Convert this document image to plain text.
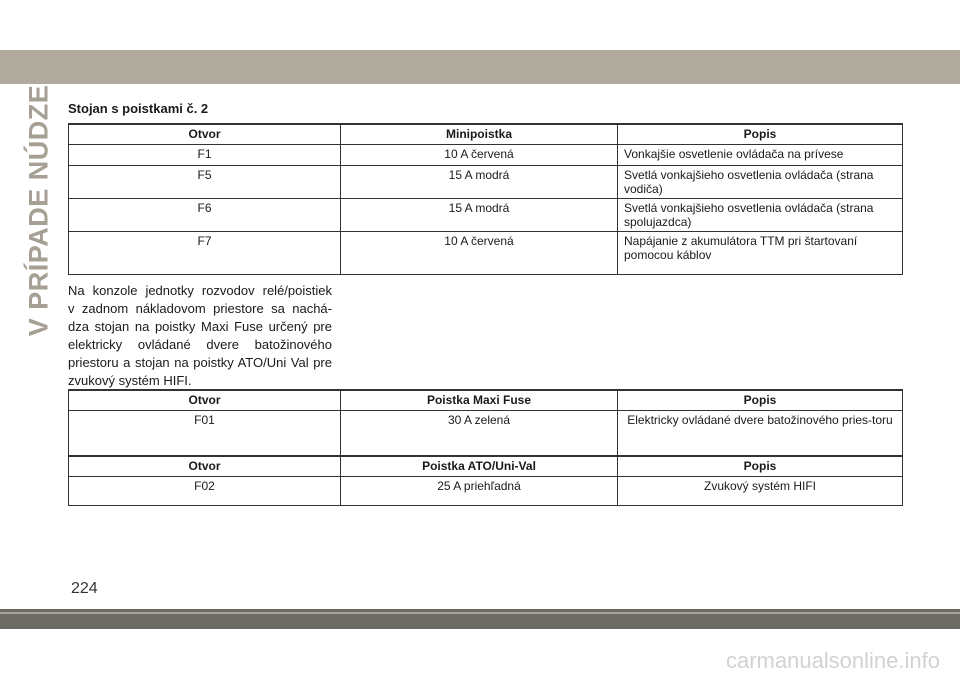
V PRÍPADE NÚDZE Stojan s poistkami č. 2
Otvor	Minipoistka	Popis
F1	10 A červená	Vonkajšie osvetlenie ovládača na prívese
F5	15 A modrá	Svetlá vonkajšieho osvetlenia ovládača (strana vodiča)
F6	15 A modrá	Svetlá vonkajšieho osvetlenia ovládača (strana spolujazdca)
F7	10 A červená	Napájanie z akumulátora TTM pri štartovaní pomocou káblov
Na konzole jednotky rozvodov relé/poistiek
v zadnom nákladovom priestore sa nachá-
dza stojan na poistky Maxi Fuse určený pre
elektricky ovládané dvere batožinového
priestoru a stojan na poistky ATO/Uni Val pre
zvukový systém HIFI.
Otvor	Poistka Maxi Fuse	Popis
F01	30 A zelená	Elektricky ovládané dvere batožinového pries-toru
Otvor	Poistka ATO/Uni-Val	Popis
F02	25 A priehľadná	Zvukový systém HIFI
224
carmanualsonline.info
